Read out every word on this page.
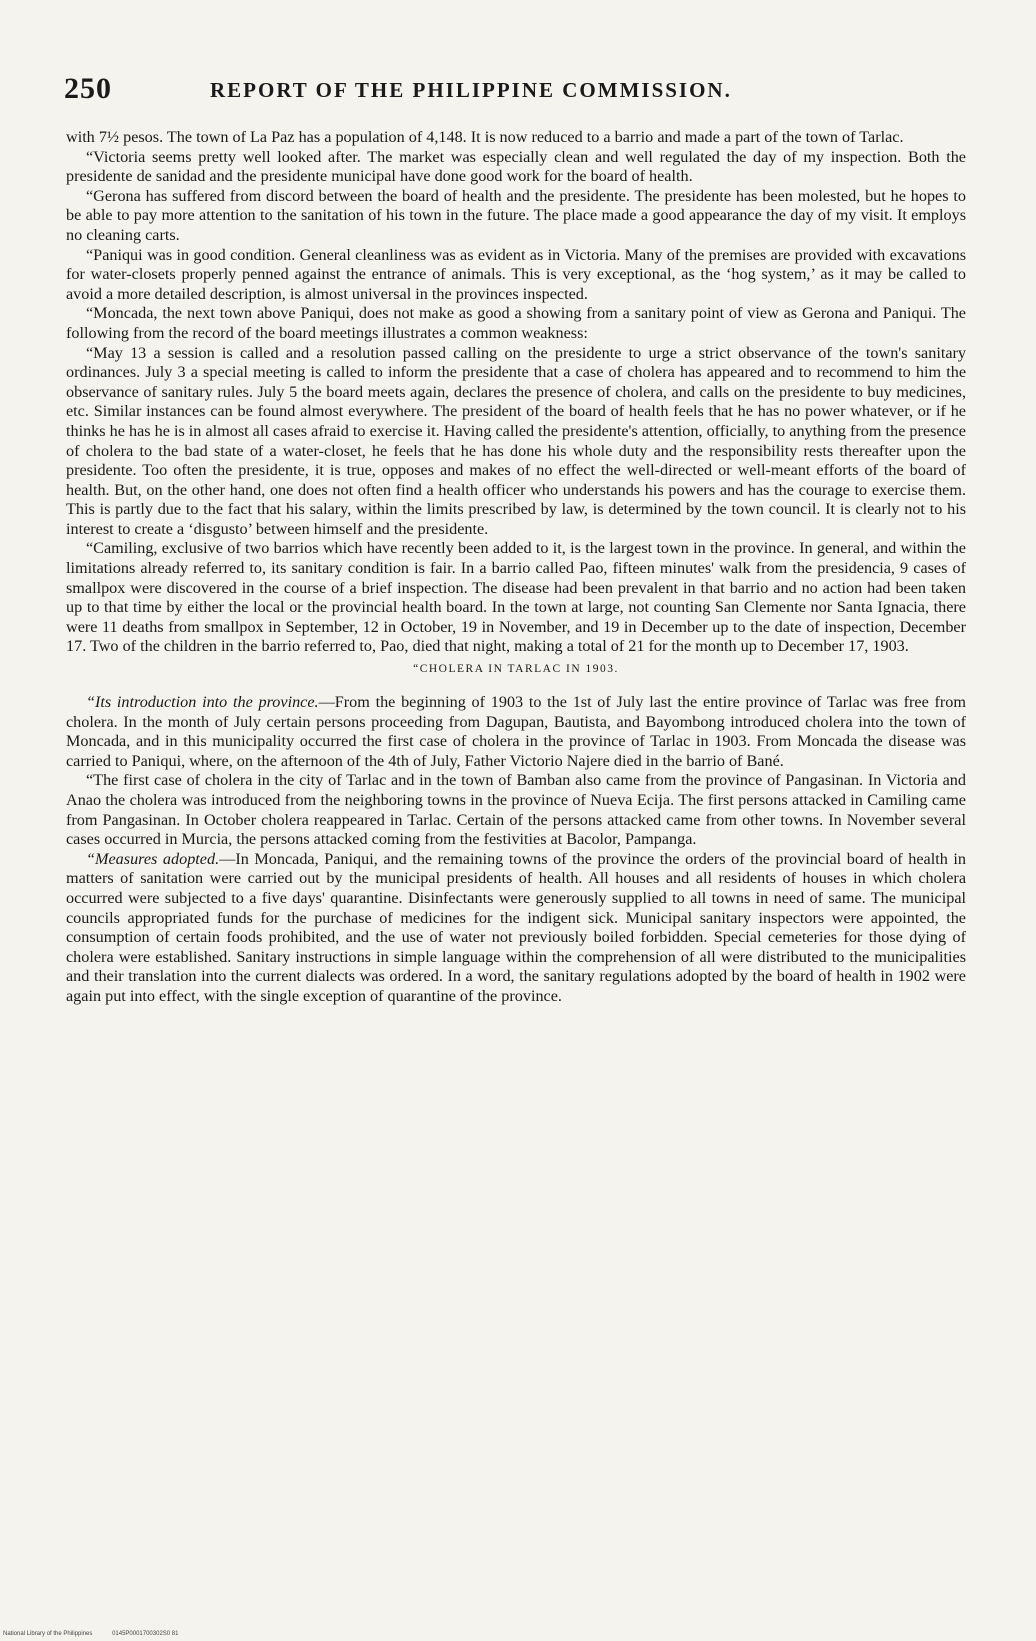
250	REPORT OF THE PHILIPPINE COMMISSION.

with 7½ pesos. The town of La Paz has a population of 4,148. It is now reduced to a barrio and made a part of the town of Tarlac.

“Victoria seems pretty well looked after. The market was especially clean and well regulated the day of my inspection. Both the presidente de sanidad and the presidente municipal have done good work for the board of health.

“Gerona has suffered from discord between the board of health and the presidente. The presidente has been molested, but he hopes to be able to pay more attention to the sanitation of his town in the future. The place made a good appearance the day of my visit. It employs no cleaning carts.

“Paniqui was in good condition. General cleanliness was as evident as in Victoria. Many of the premises are provided with excavations for water-closets properly penned against the entrance of animals. This is very exceptional, as the ‘hog system,’ as it may be called to avoid a more detailed description, is almost universal in the provinces inspected.

“Moncada, the next town above Paniqui, does not make as good a showing from a sanitary point of view as Gerona and Paniqui. The following from the record of the board meetings illustrates a common weakness:

“May 13 a session is called and a resolution passed calling on the presidente to urge a strict observance of the town's sanitary ordinances. July 3 a special meeting is called to inform the presidente that a case of cholera has appeared and to recommend to him the observance of sanitary rules. July 5 the board meets again, declares the presence of cholera, and calls on the presidente to buy medicines, etc. Similar instances can be found almost everywhere. The president of the board of health feels that he has no power whatever, or if he thinks he has he is in almost all cases afraid to exercise it. Having called the presidente's attention, officially, to anything from the presence of cholera to the bad state of a water-closet, he feels that he has done his whole duty and the responsibility rests thereafter upon the presidente. Too often the presidente, it is true, opposes and makes of no effect the well-directed or well-meant efforts of the board of health. But, on the other hand, one does not often find a health officer who understands his powers and has the courage to exercise them. This is partly due to the fact that his salary, within the limits prescribed by law, is determined by the town council. It is clearly not to his interest to create a ‘disgusto’ between himself and the presidente.

“Camiling, exclusive of two barrios which have recently been added to it, is the largest town in the province. In general, and within the limitations already referred to, its sanitary condition is fair. In a barrio called Pao, fifteen minutes' walk from the presidencia, 9 cases of smallpox were discovered in the course of a brief inspection. The disease had been prevalent in that barrio and no action had been taken up to that time by either the local or the provincial health board. In the town at large, not counting San Clemente nor Santa Ignacia, there were 11 deaths from smallpox in September, 12 in October, 19 in November, and 19 in December up to the date of inspection, December 17. Two of the children in the barrio referred to, Pao, died that night, making a total of 21 for the month up to December 17, 1903.

“CHOLERA IN TARLAC IN 1903.

“Its introduction into the province.—From the beginning of 1903 to the 1st of July last the entire province of Tarlac was free from cholera. In the month of July certain persons proceeding from Dagupan, Bautista, and Bayombong introduced cholera into the town of Moncada, and in this municipality occurred the first case of cholera in the province of Tarlac in 1903. From Moncada the disease was carried to Paniqui, where, on the afternoon of the 4th of July, Father Victorio Najere died in the barrio of Bané.

“The first case of cholera in the city of Tarlac and in the town of Bamban also came from the province of Pangasinan. In Victoria and Anao the cholera was introduced from the neighboring towns in the province of Nueva Ecija. The first persons attacked in Camiling came from Pangasinan. In October cholera reappeared in Tarlac. Certain of the persons attacked came from other towns. In November several cases occurred in Murcia, the persons attacked coming from the festivities at Bacolor, Pampanga.

“Measures adopted.—In Moncada, Paniqui, and the remaining towns of the province the orders of the provincial board of health in matters of sanitation were carried out by the municipal presidents of health. All houses and all residents of houses in which cholera occurred were subjected to a five days' quarantine. Disinfectants were generously supplied to all towns in need of same. The municipal councils appropriated funds for the purchase of medicines for the indigent sick. Municipal sanitary inspectors were appointed, the consumption of certain foods prohibited, and the use of water not previously boiled forbidden. Special cemeteries for those dying of cholera were established. Sanitary instructions in simple language within the comprehension of all were distributed to the municipalities and their translation into the current dialects was ordered. In a word, the sanitary regulations adopted by the board of health in 1902 were again put into effect, with the single exception of quarantine of the province.

National Library of the Philippines	0145P0001700302S0 81
